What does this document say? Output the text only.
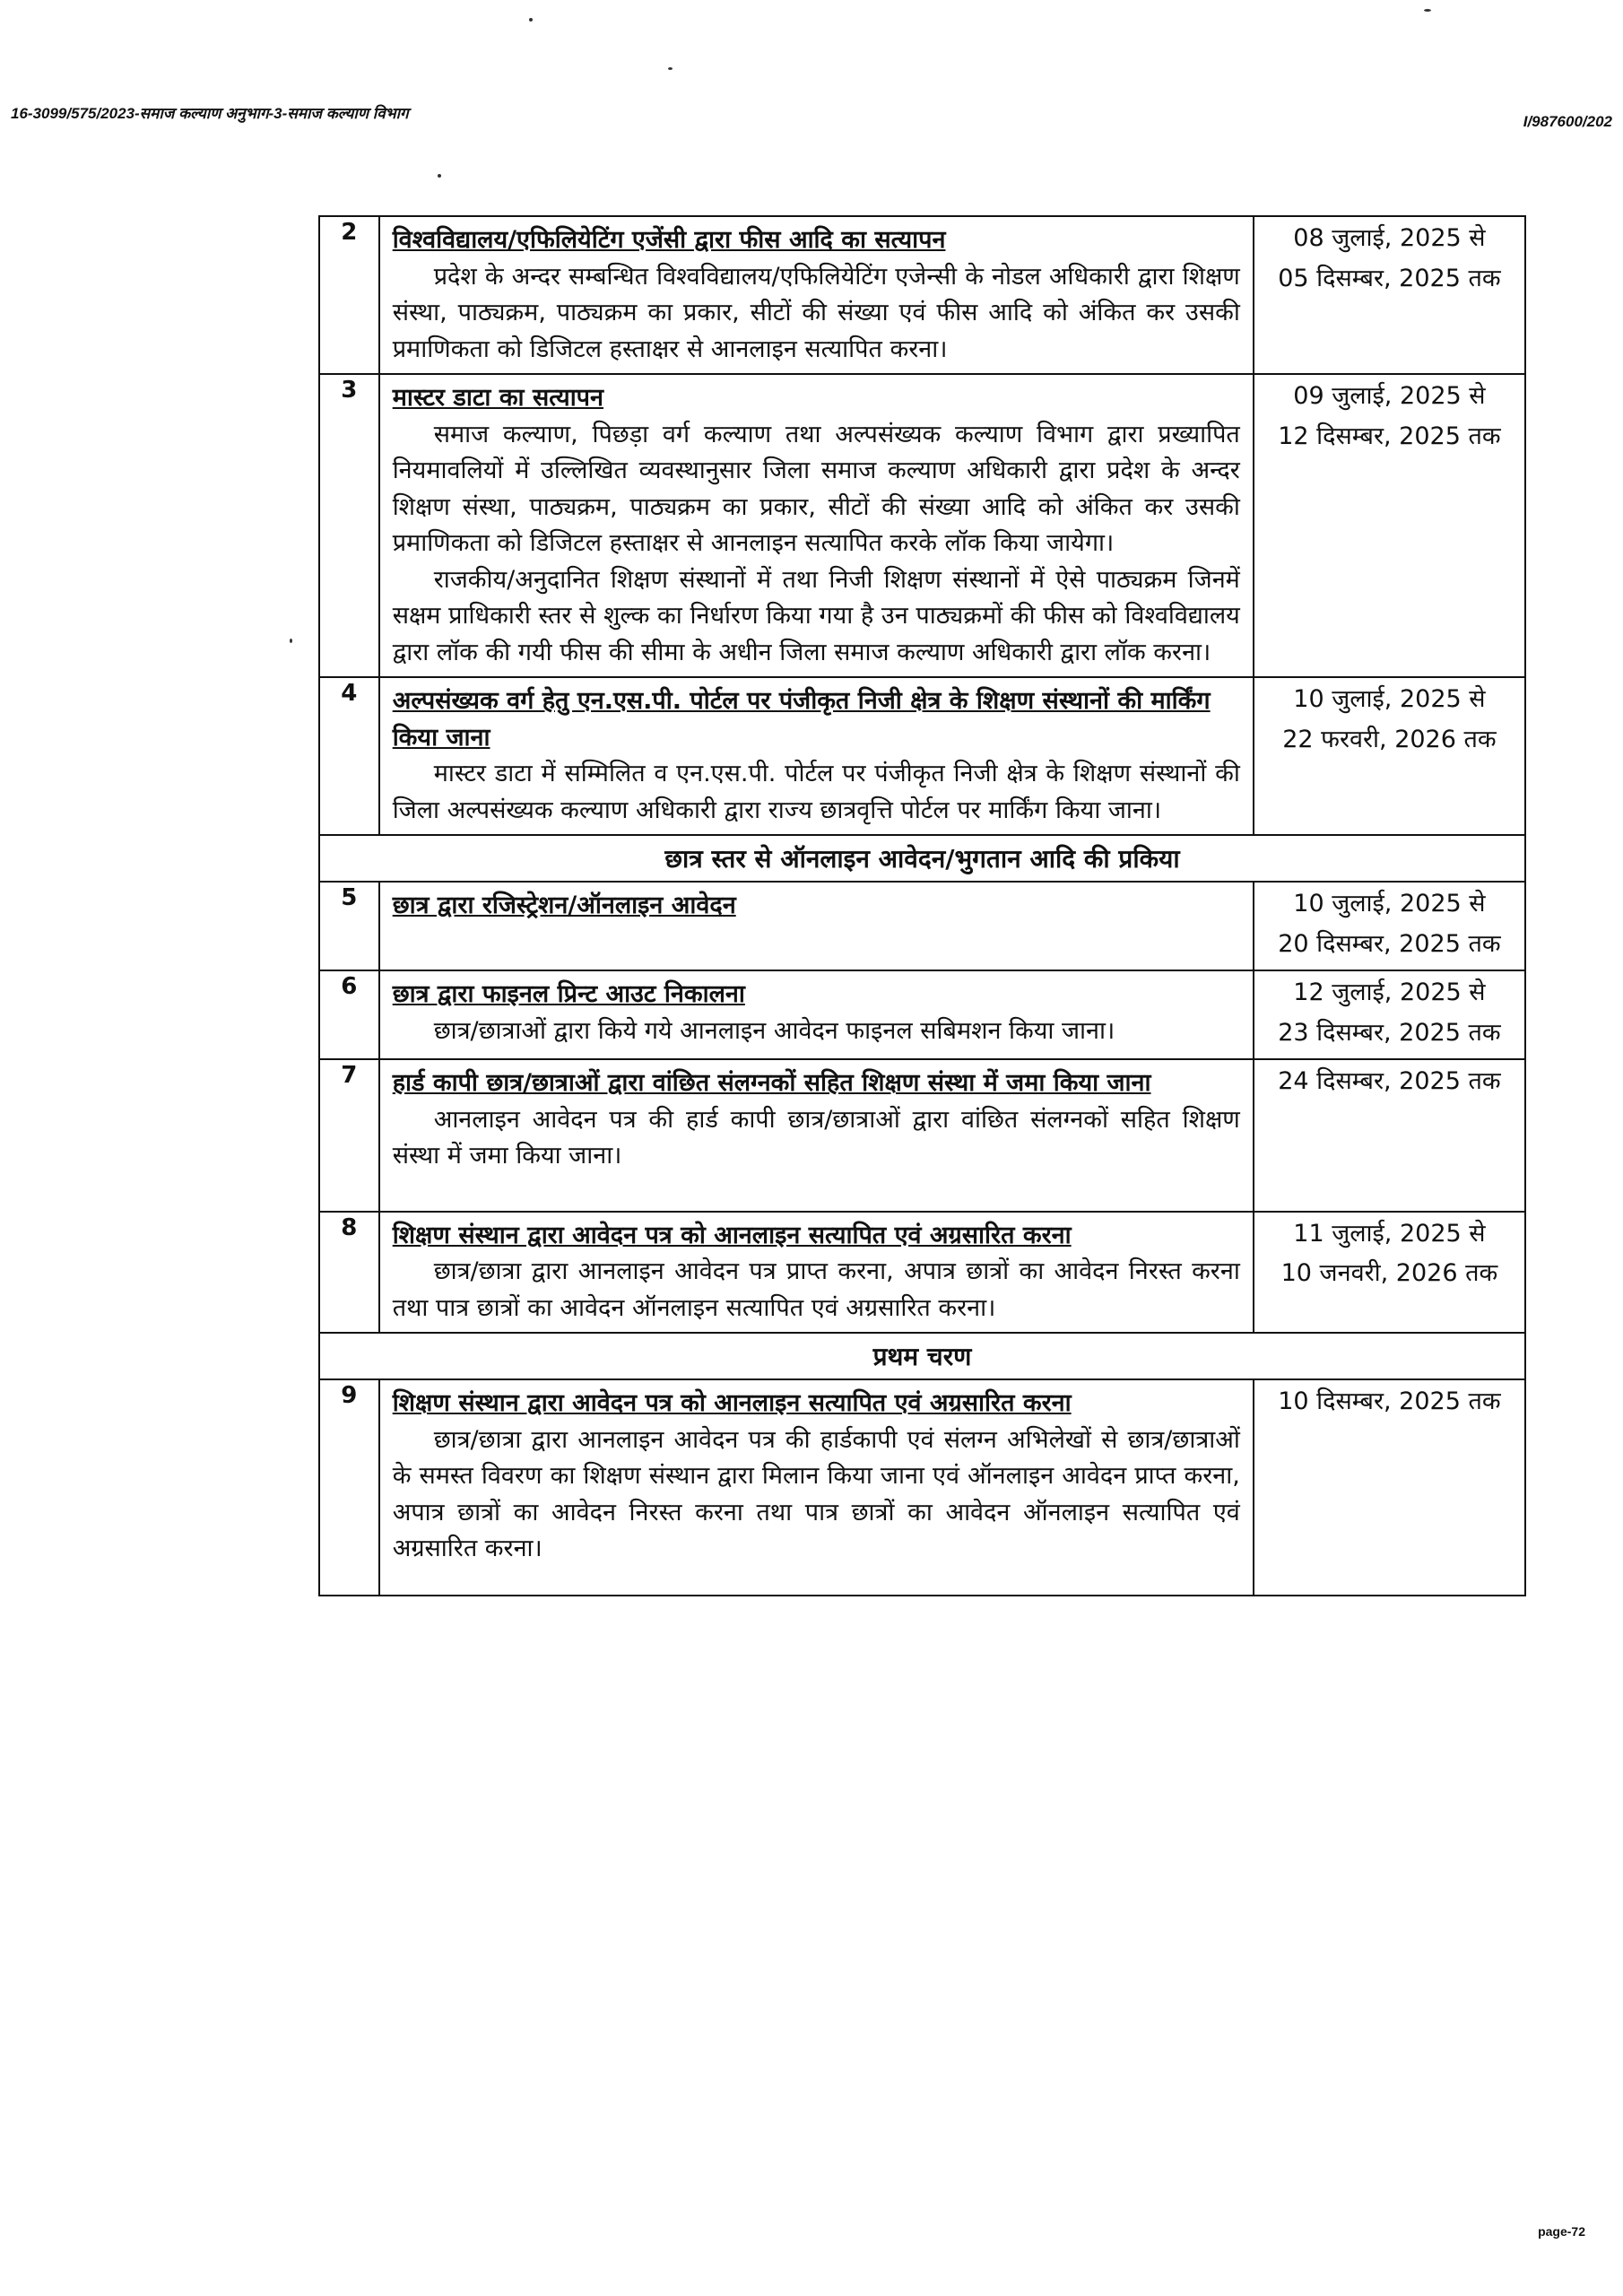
16-3099/575/2023-समाज कल्याण अनुभाग-3-समाज कल्याण विभाग	I/987600/202
2	विश्वविद्यालय/एफिलियेटिंग एजेंसी द्वारा फीस आदि का सत्यापन
प्रदेश के अन्दर सम्बन्धित विश्वविद्यालय/एफिलियेटिंग एजेन्सी के नोडल अधिकारी द्वारा शिक्षण संस्था, पाठ्यक्रम, पाठ्यक्रम का प्रकार, सीटों की संख्या एवं फीस आदि को अंकित कर उसकी प्रमाणिकता को डिजिटल हस्ताक्षर से आनलाइन सत्यापित करना।	08 जुलाई, 2025 से
05 दिसम्बर, 2025 तक

3	मास्टर डाटा का सत्यापन
समाज कल्याण, पिछड़ा वर्ग कल्याण तथा अल्पसंख्यक कल्याण विभाग द्वारा प्रख्यापित नियमावलियों में उल्लिखित व्यवस्थानुसार जिला समाज कल्याण अधिकारी द्वारा प्रदेश के अन्दर शिक्षण संस्था, पाठ्यक्रम, पाठ्यक्रम का प्रकार, सीटों की संख्या आदि को अंकित कर उसकी प्रमाणिकता को डिजिटल हस्ताक्षर से आनलाइन सत्यापित करके लॉक किया जायेगा।
राजकीय/अनुदानित शिक्षण संस्थानों में तथा निजी शिक्षण संस्थानों में ऐसे पाठ्यक्रम जिनमें सक्षम प्राधिकारी स्तर से शुल्क का निर्धारण किया गया है उन पाठ्यक्रमों की फीस को विश्वविद्यालय द्वारा लॉक की गयी फीस की सीमा के अधीन जिला समाज कल्याण अधिकारी द्वारा लॉक करना।	09 जुलाई, 2025 से
12 दिसम्बर, 2025 तक

4	अल्पसंख्यक वर्ग हेतु एन.एस.पी. पोर्टल पर पंजीकृत निजी क्षेत्र के शिक्षण संस्थानों की मार्किंग किया जाना
मास्टर डाटा में सम्मिलित व एन.एस.पी. पोर्टल पर पंजीकृत निजी क्षेत्र के शिक्षण संस्थानों की जिला अल्पसंख्यक कल्याण अधिकारी द्वारा राज्य छात्रवृत्ति पोर्टल पर मार्किंग किया जाना।	10 जुलाई, 2025 से
22 फरवरी, 2026 तक

छात्र स्तर से ऑनलाइन आवेदन/भुगतान आदि की प्रकिया		
5	छात्र द्वारा रजिस्ट्रेशन/ऑनलाइन आवेदन	10 जुलाई, 2025 से
20 दिसम्बर, 2025 तक

6	छात्र द्वारा फाइनल प्रिन्ट आउट निकालना
छात्र/छात्राओं द्वारा किये गये आनलाइन आवेदन फाइनल सबिमशन किया जाना।	12 जुलाई, 2025 से
23 दिसम्बर, 2025 तक

7	हार्ड कापी छात्र/छात्राओं द्वारा वांछित संलग्नकों सहित शिक्षण संस्था में जमा किया जाना
आनलाइन आवेदन पत्र की हार्ड कापी छात्र/छात्राओं द्वारा वांछित संलग्नकों सहित शिक्षण संस्था में जमा किया जाना।	24 दिसम्बर, 2025 तक

8	शिक्षण संस्थान द्वारा आवेदन पत्र को आनलाइन सत्यापित एवं अग्रसारित करना
छात्र/छात्रा द्वारा आनलाइन आवेदन पत्र प्राप्त करना, अपात्र छात्रों का आवेदन निरस्त करना तथा पात्र छात्रों का आवेदन ऑनलाइन सत्यापित एवं अग्रसारित करना।	11 जुलाई, 2025 से
10 जनवरी, 2026 तक

प्रथम चरण		
9	शिक्षण संस्थान द्वारा आवेदन पत्र को आनलाइन सत्यापित एवं अग्रसारित करना
छात्र/छात्रा द्वारा आनलाइन आवेदन पत्र की हार्डकापी एवं संलग्न अभिलेखों से छात्र/छात्राओं के समस्त विवरण का शिक्षण संस्थान द्वारा मिलान किया जाना एवं ऑनलाइन आवेदन प्राप्त करना, अपात्र छात्रों का आवेदन निरस्त करना तथा पात्र छात्रों का आवेदन ऑनलाइन सत्यापित एवं अग्रसारित करना।	10 दिसम्बर, 2025 तक
page-72
